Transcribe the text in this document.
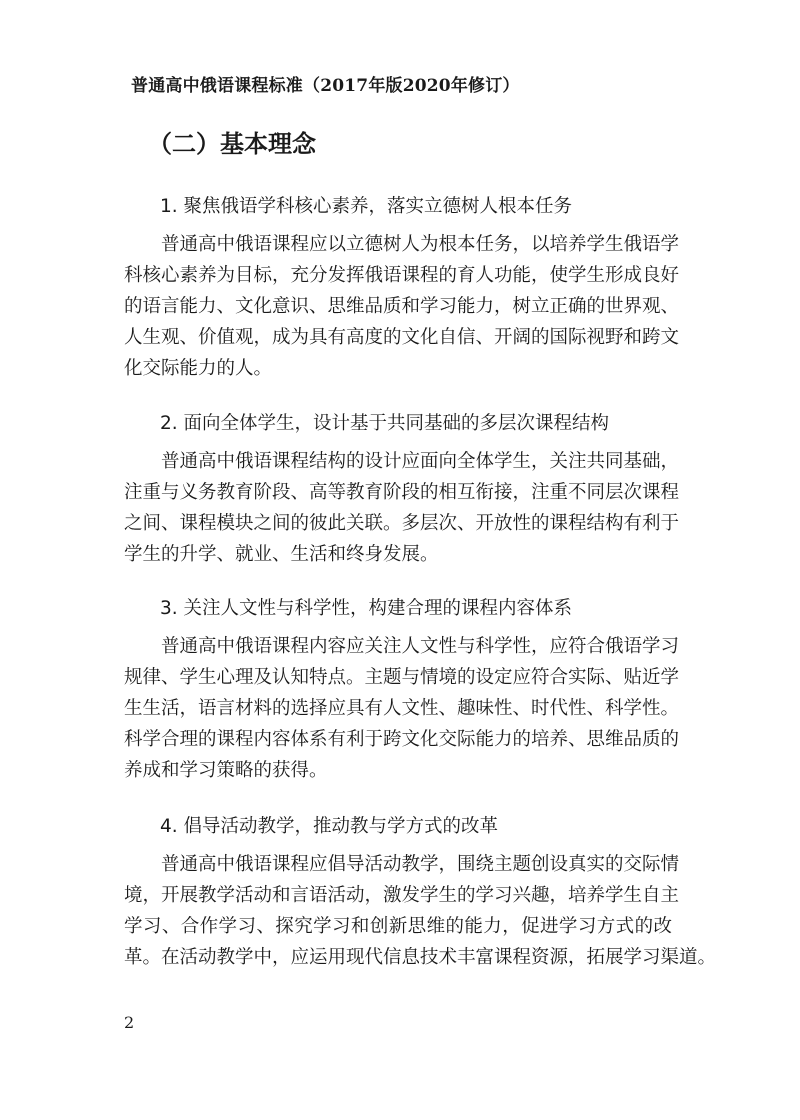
普通高中俄语课程标准（2017年版2020年修订）
（二）基本理念
1. 聚焦俄语学科核心素养，落实立德树人根本任务
普通高中俄语课程应以立德树人为根本任务，以培养学生俄语学
科核心素养为目标，充分发挥俄语课程的育人功能，使学生形成良好
的语言能力、文化意识、思维品质和学习能力，树立正确的世界观、
人生观、价值观，成为具有高度的文化自信、开阔的国际视野和跨文
化交际能力的人。
2. 面向全体学生，设计基于共同基础的多层次课程结构
普通高中俄语课程结构的设计应面向全体学生，关注共同基础，
注重与义务教育阶段、高等教育阶段的相互衔接，注重不同层次课程
之间、课程模块之间的彼此关联。多层次、开放性的课程结构有利于
学生的升学、就业、生活和终身发展。
3. 关注人文性与科学性，构建合理的课程内容体系
普通高中俄语课程内容应关注人文性与科学性，应符合俄语学习
规律、学生心理及认知特点。主题与情境的设定应符合实际、贴近学
生生活，语言材料的选择应具有人文性、趣味性、时代性、科学性。
科学合理的课程内容体系有利于跨文化交际能力的培养、思维品质的
养成和学习策略的获得。
4. 倡导活动教学，推动教与学方式的改革
普通高中俄语课程应倡导活动教学，围绕主题创设真实的交际情
境，开展教学活动和言语活动，激发学生的学习兴趣，培养学生自主
学习、合作学习、探究学习和创新思维的能力，促进学习方式的改
革。在活动教学中，应运用现代信息技术丰富课程资源，拓展学习渠道。
2
